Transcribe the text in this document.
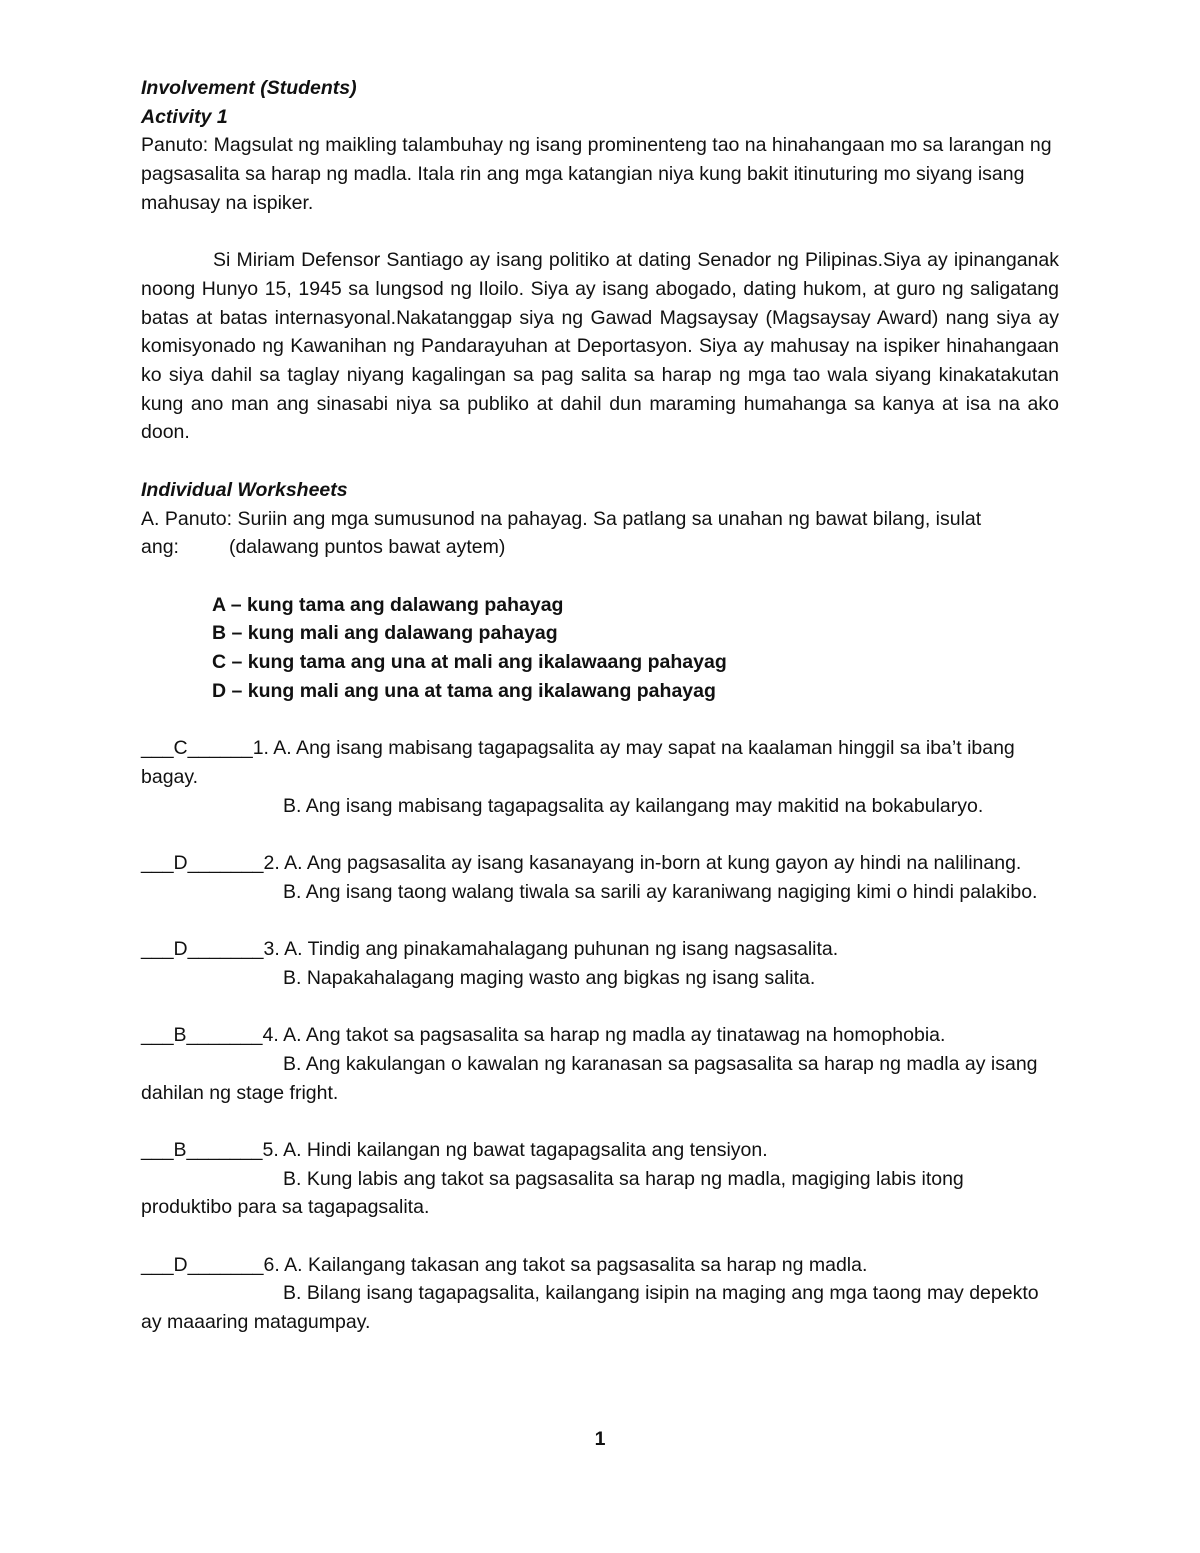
Involvement (Students)

Activity 1

Panuto: Magsulat ng maikling talambuhay ng isang prominenteng tao na hinahangaan mo sa larangan ng pagsasalita sa harap ng madla. Itala rin ang mga katangian niya kung bakit itinuturing mo siyang isang mahusay na ispiker.

Si Miriam Defensor Santiago ay isang politiko at dating Senador ng Pilipinas.Siya ay ipinanganak noong Hunyo 15, 1945 sa lungsod ng Iloilo. Siya ay isang abogado, dating hukom, at guro ng saligatang batas at batas internasyonal.Nakatanggap siya ng Gawad Magsaysay (Magsaysay Award) nang siya ay komisyonado ng Kawanihan ng Pandarayuhan at Deportasyon. Siya ay mahusay na ispiker hinahangaan ko siya dahil sa taglay niyang kagalingan sa pag salita sa harap ng mga tao wala siyang kinakatakutan kung ano man ang sinasabi niya sa publiko at dahil dun maraming humahanga sa kanya at isa na ako doon.

Individual Worksheets

A. Panuto: Suriin ang mga sumusunod na pahayag. Sa patlang sa unahan ng bawat bilang, isulat

ang:	(dalawang puntos bawat aytem)

A – kung tama ang dalawang pahayag

B – kung mali ang dalawang pahayag

C – kung tama ang una at mali ang ikalawaang pahayag

D – kung mali ang una at tama ang ikalawang pahayag

___C______1. A. Ang isang mabisang tagapagsalita ay may sapat na kaalaman hinggil sa iba’t ibang bagay.

B. Ang isang mabisang tagapagsalita ay kailangang may makitid na bokabularyo.

___D_______2. A. Ang pagsasalita ay isang kasanayang in-born at kung gayon ay hindi na nalilinang.

B. Ang isang taong walang tiwala sa sarili ay karaniwang nagiging kimi o hindi palakibo.

___D_______3. A. Tindig ang pinakamahalagang puhunan ng isang nagsasalita.

B. Napakahalagang maging wasto ang bigkas ng isang salita.

___B_______4. A. Ang takot sa pagsasalita sa harap ng madla ay tinatawag na homophobia.

B. Ang kakulangan o kawalan ng karanasan sa pagsasalita sa harap ng madla ay isang dahilan ng stage fright.

___B_______5. A. Hindi kailangan ng bawat tagapagsalita ang tensiyon.

B. Kung labis ang takot sa pagsasalita sa harap ng madla, magiging labis itong produktibo para sa tagapagsalita.

___D_______6. A. Kailangang takasan ang takot sa pagsasalita sa harap ng madla.

B. Bilang isang tagapagsalita, kailangang isipin na maging ang mga taong may depekto ay maaaring matagumpay.

1
